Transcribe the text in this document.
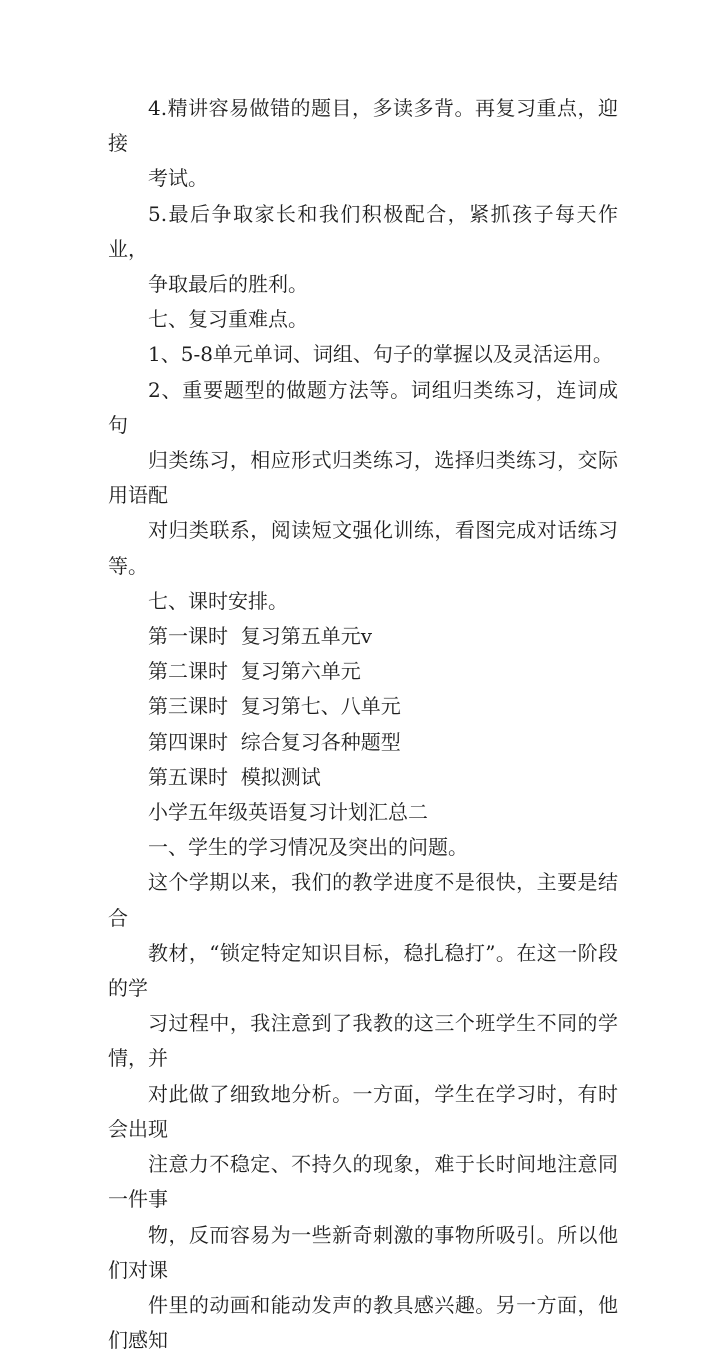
4.精讲容易做错的题目，多读多背。再复习重点，迎接
考试。

5.最后争取家长和我们积极配合，紧抓孩子每天作业，
争取最后的胜利。

七、复习重难点。

1、5-8单元单词、词组、句子的掌握以及灵活运用。

2、重要题型的做题方法等。词组归类练习，连词成句
归类练习，相应形式归类练习，选择归类练习，交际用语配
对归类联系，阅读短文强化训练，看图完成对话练习等。

七、课时安排。

第一课时  复习第五单元v

第二课时  复习第六单元

第三课时  复习第七、八单元

第四课时  综合复习各种题型

第五课时  模拟测试

小学五年级英语复习计划汇总二

一、学生的学习情况及突出的问题。

这个学期以来，我们的教学进度不是很快，主要是结合
教材，“锁定特定知识目标，稳扎稳打”。在这一阶段的学
习过程中，我注意到了我教的这三个班学生不同的学情，并
对此做了细致地分析。一方面，学生在学习时，有时会出现
注意力不稳定、不持久的现象，难于长时间地注意同一件事
物，反而容易为一些新奇刺激的事物所吸引。所以他们对课
件里的动画和能动发声的教具感兴趣。另一方面，他们感知
